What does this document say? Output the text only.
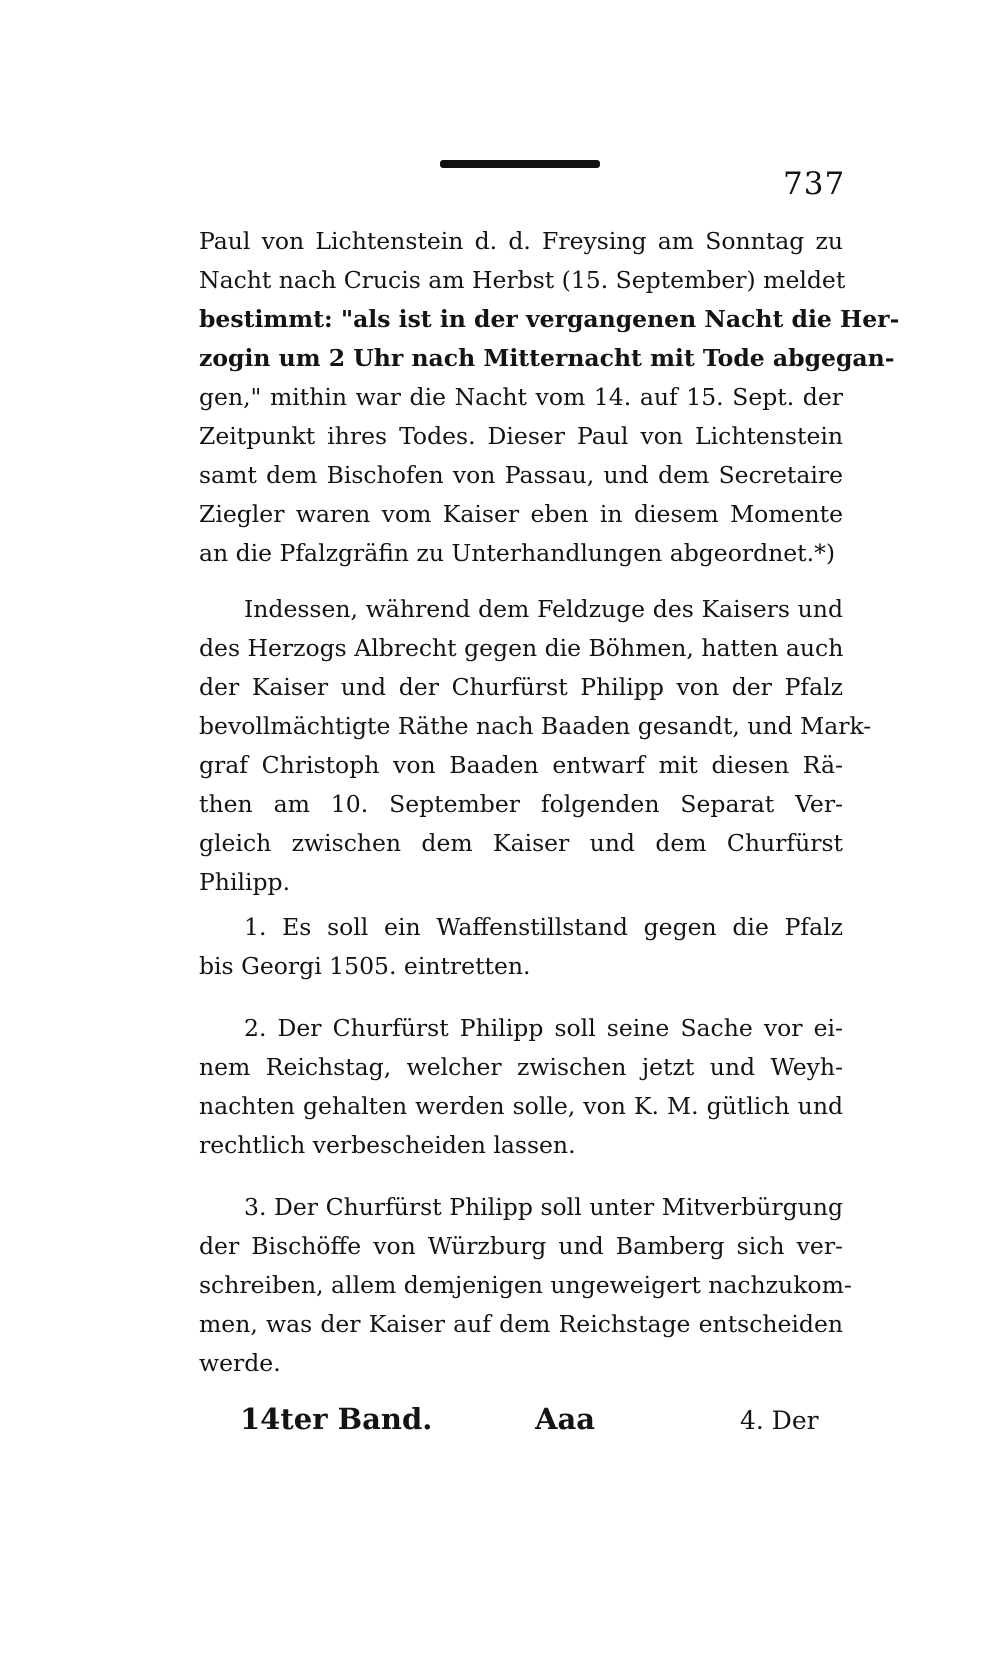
737
Paul von Lichtenstein d. d. Freysing am Sonntag zu
Nacht nach Crucis am Herbst (15. September) meldet
bestimmt: "als ist in der vergangenen Nacht die Her-
zogin um 2 Uhr nach Mitternacht mit Tode abgegan-
gen," mithin war die Nacht vom 14. auf 15. Sept. der
Zeitpunkt ihres Todes. Dieser Paul von Lichtenstein
samt dem Bischofen von Passau, und dem Secretaire
Ziegler waren vom Kaiser eben in diesem Momente
an die Pfalzgräfin zu Unterhandlungen abgeordnet.*)
Indessen, während dem Feldzuge des Kaisers und
des Herzogs Albrecht gegen die Böhmen, hatten auch
der Kaiser und der Churfürst Philipp von der Pfalz
bevollmächtigte Räthe nach Baaden gesandt, und Mark-
graf Christoph von Baaden entwarf mit diesen Rä-
then am 10. September folgenden Separat Ver-
gleich zwischen dem Kaiser und dem Churfürst
Philipp.
1. Es soll ein Waffenstillstand gegen die Pfalz
bis Georgi 1505. eintretten.
2. Der Churfürst Philipp soll seine Sache vor ei-
nem Reichstag, welcher zwischen jetzt und Weyh-
nachten gehalten werden solle, von K. M. gütlich und
rechtlich verbescheiden lassen.
3. Der Churfürst Philipp soll unter Mitverbürgung
der Bischöffe von Würzburg und Bamberg sich ver-
schreiben, allem demjenigen ungeweigert nachzukom-
men, was der Kaiser auf dem Reichstage entscheiden
werde.
14ter Band.	Aaa	4. Der
